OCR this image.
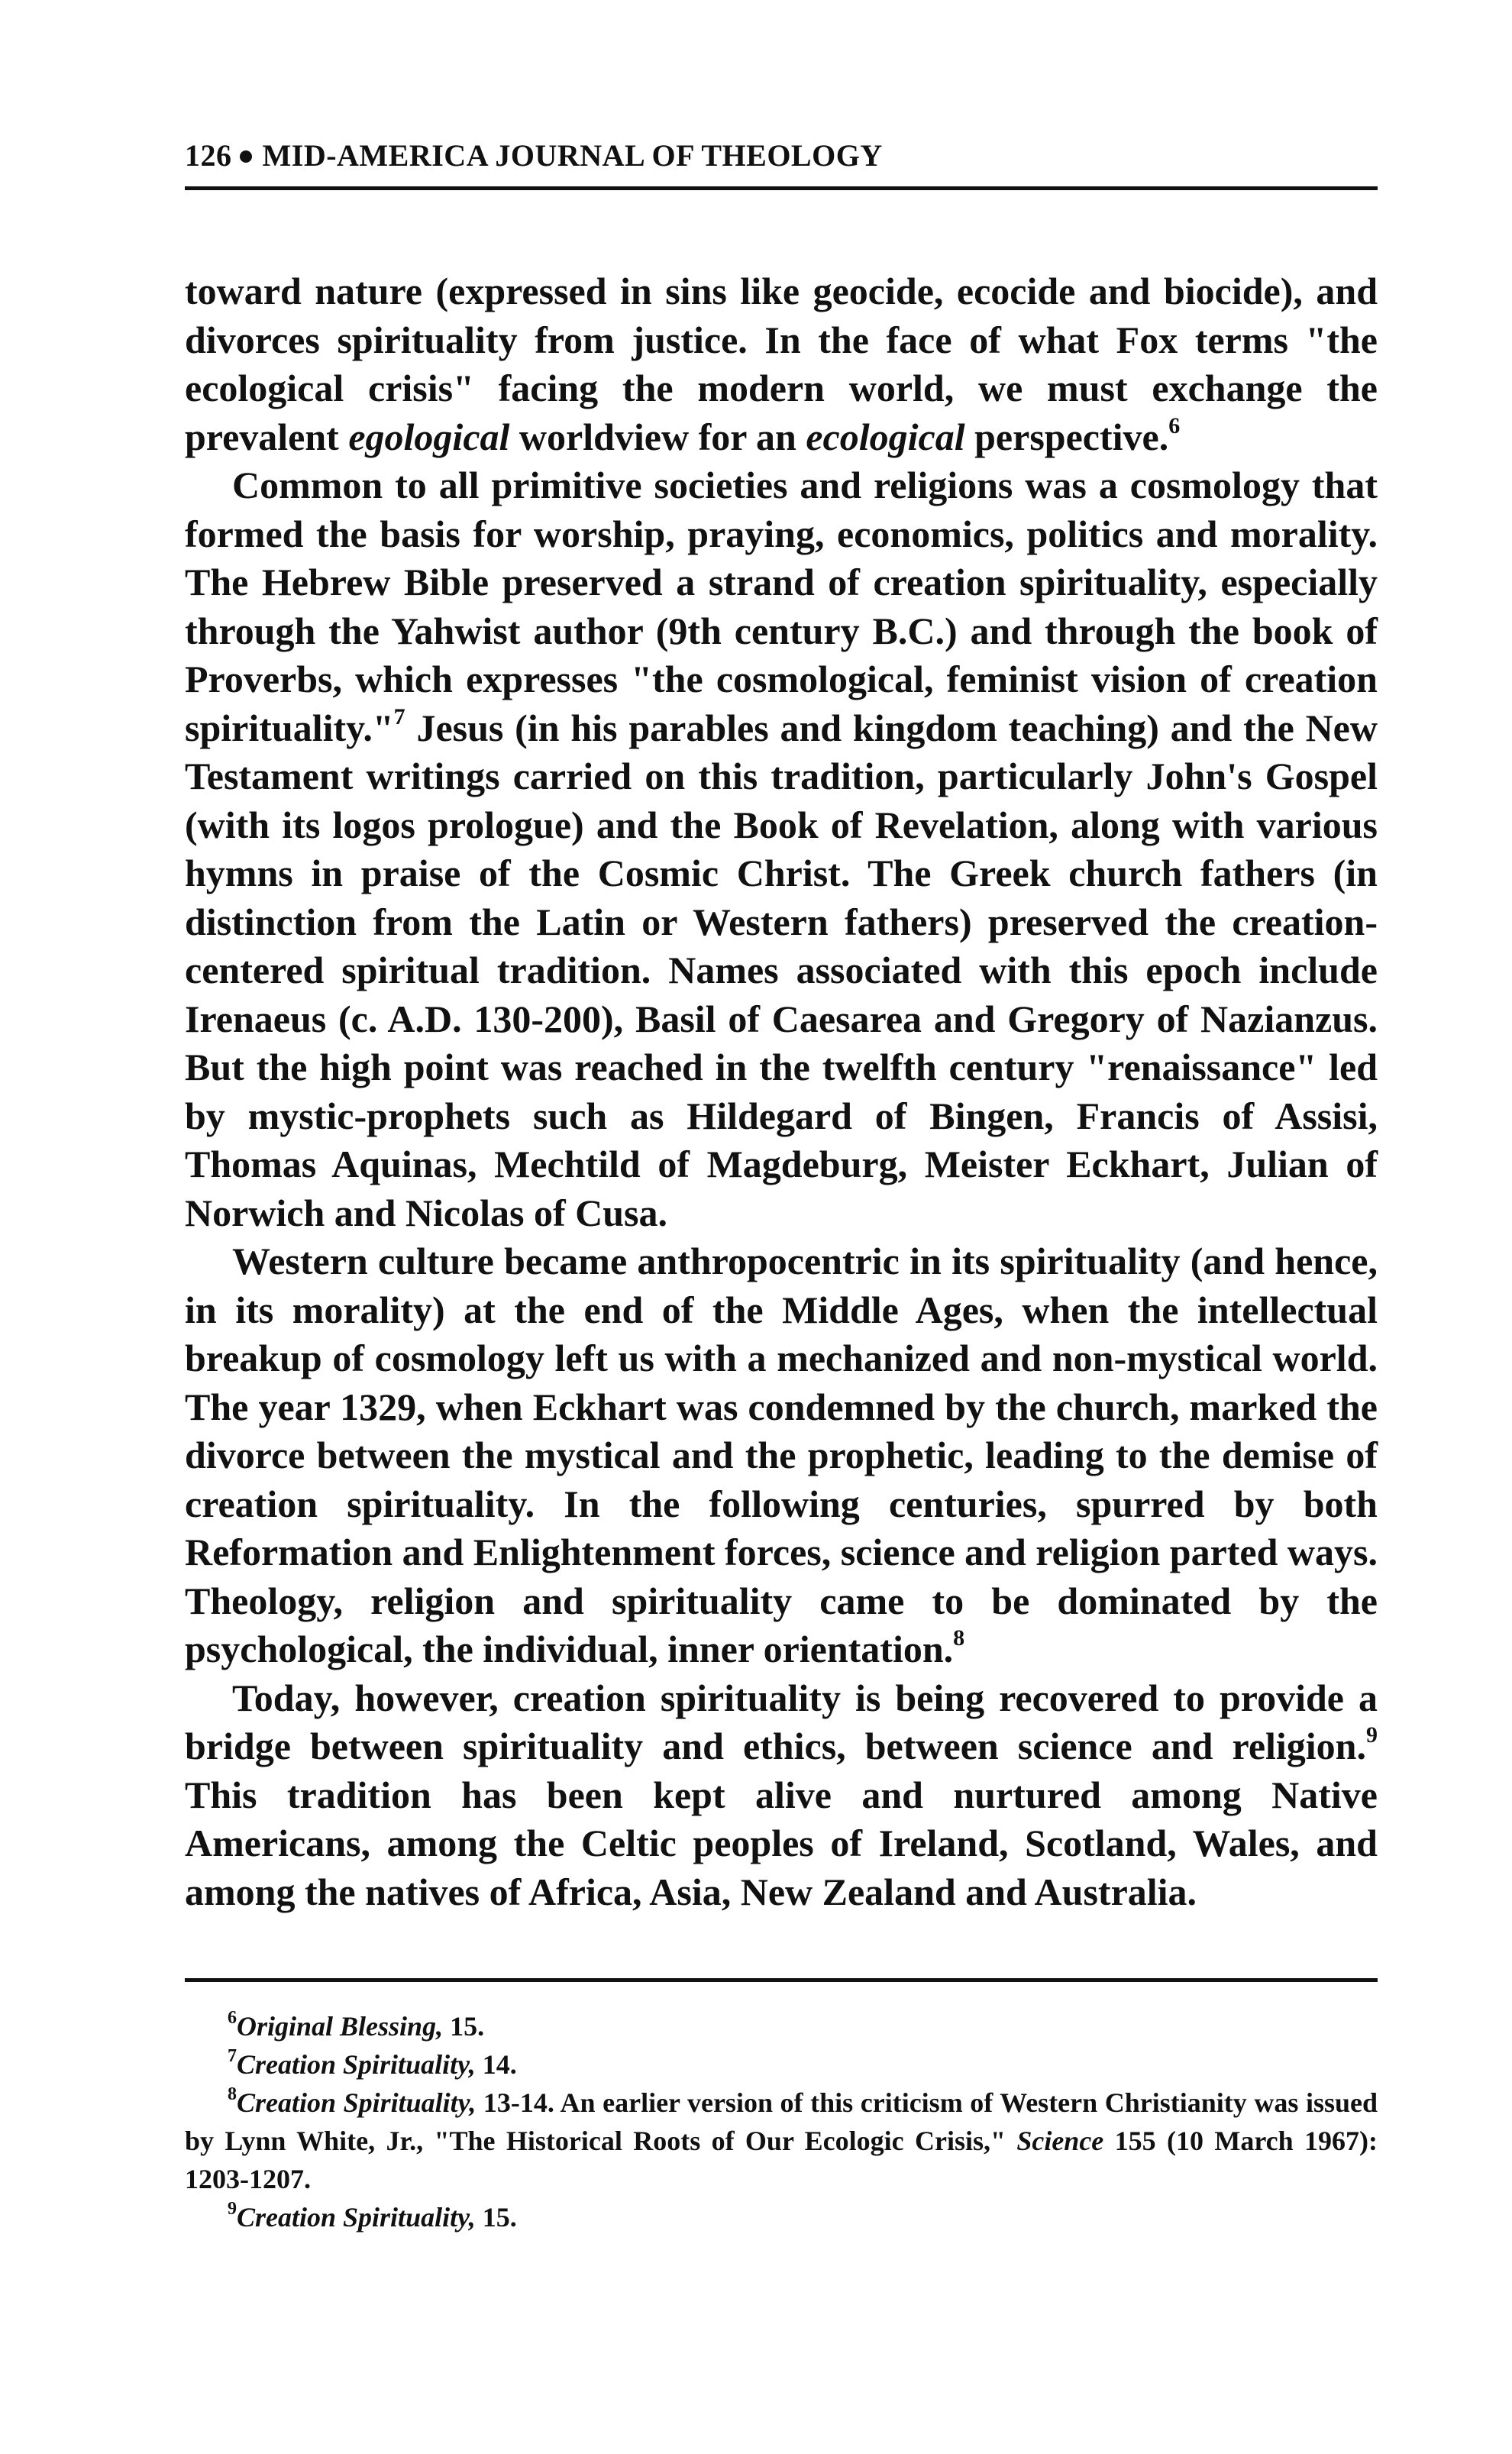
126 MID-AMERICA JOURNAL OF THEOLOGY

toward nature (expressed in sins like geocide, ecocide and biocide), and divorces spirituality from justice. In the face of what Fox terms "the ecological crisis" facing the modern world, we must exchange the prevalent egological worldview for an ecological perspective.$^6$

Common to all primitive societies and religions was a cosmology that formed the basis for worship, praying, economics, politics and morality. The Hebrew Bible preserved a strand of creation spirituality, especially through the Yahwist author (9th century B.C.) and through the book of Proverbs, which expresses "the cosmological, feminist vision of creation spirituality."$^7$ Jesus (in his parables and kingdom teaching) and the New Testament writings carried on this tradition, particularly John's Gospel (with its logos prologue) and the Book of Revelation, along with various hymns in praise of the Cosmic Christ. The Greek church fathers (in distinction from the Latin or Western fathers) preserved the creation-centered spiritual tradition. Names associated with this epoch include Irenaeus (c. A.D. 130-200), Basil of Caesarea and Gregory of Nazianzus. But the high point was reached in the twelfth century "renaissance" led by mystic-prophets such as Hildegard of Bingen, Francis of Assisi, Thomas Aquinas, Mechtild of Magdeburg, Meister Eckhart, Julian of Norwich and Nicolas of Cusa.

Western culture became anthropocentric in its spirituality (and hence, in its morality) at the end of the Middle Ages, when the intellectual breakup of cosmology left us with a mechanized and non-mystical world. The year 1329, when Eckhart was condemned by the church, marked the divorce between the mystical and the prophetic, leading to the demise of creation spirituality. In the following centuries, spurred by both Reformation and Enlightenment forces, science and religion parted ways. Theology, religion and spirituality came to be dominated by the psychological, the individual, inner orientation.$^8$

Today, however, creation spirituality is being recovered to provide a bridge between spirituality and ethics, between science and religion.$^9$ This tradition has been kept alive and nurtured among Native Americans, among the Celtic peoples of Ireland, Scotland, Wales, and among the natives of Africa, Asia, New Zealand and Australia.

$^6$Original Blessing, 15.

$^7$Creation Spirituality, 14.

$^8$Creation Spirituality, 13-14. An earlier version of this criticism of Western Christianity was issued by Lynn White, Jr., "The Historical Roots of Our Ecologic Crisis," Science 155 (10 March 1967): 1203-1207.

$^9$Creation Spirituality, 15.
